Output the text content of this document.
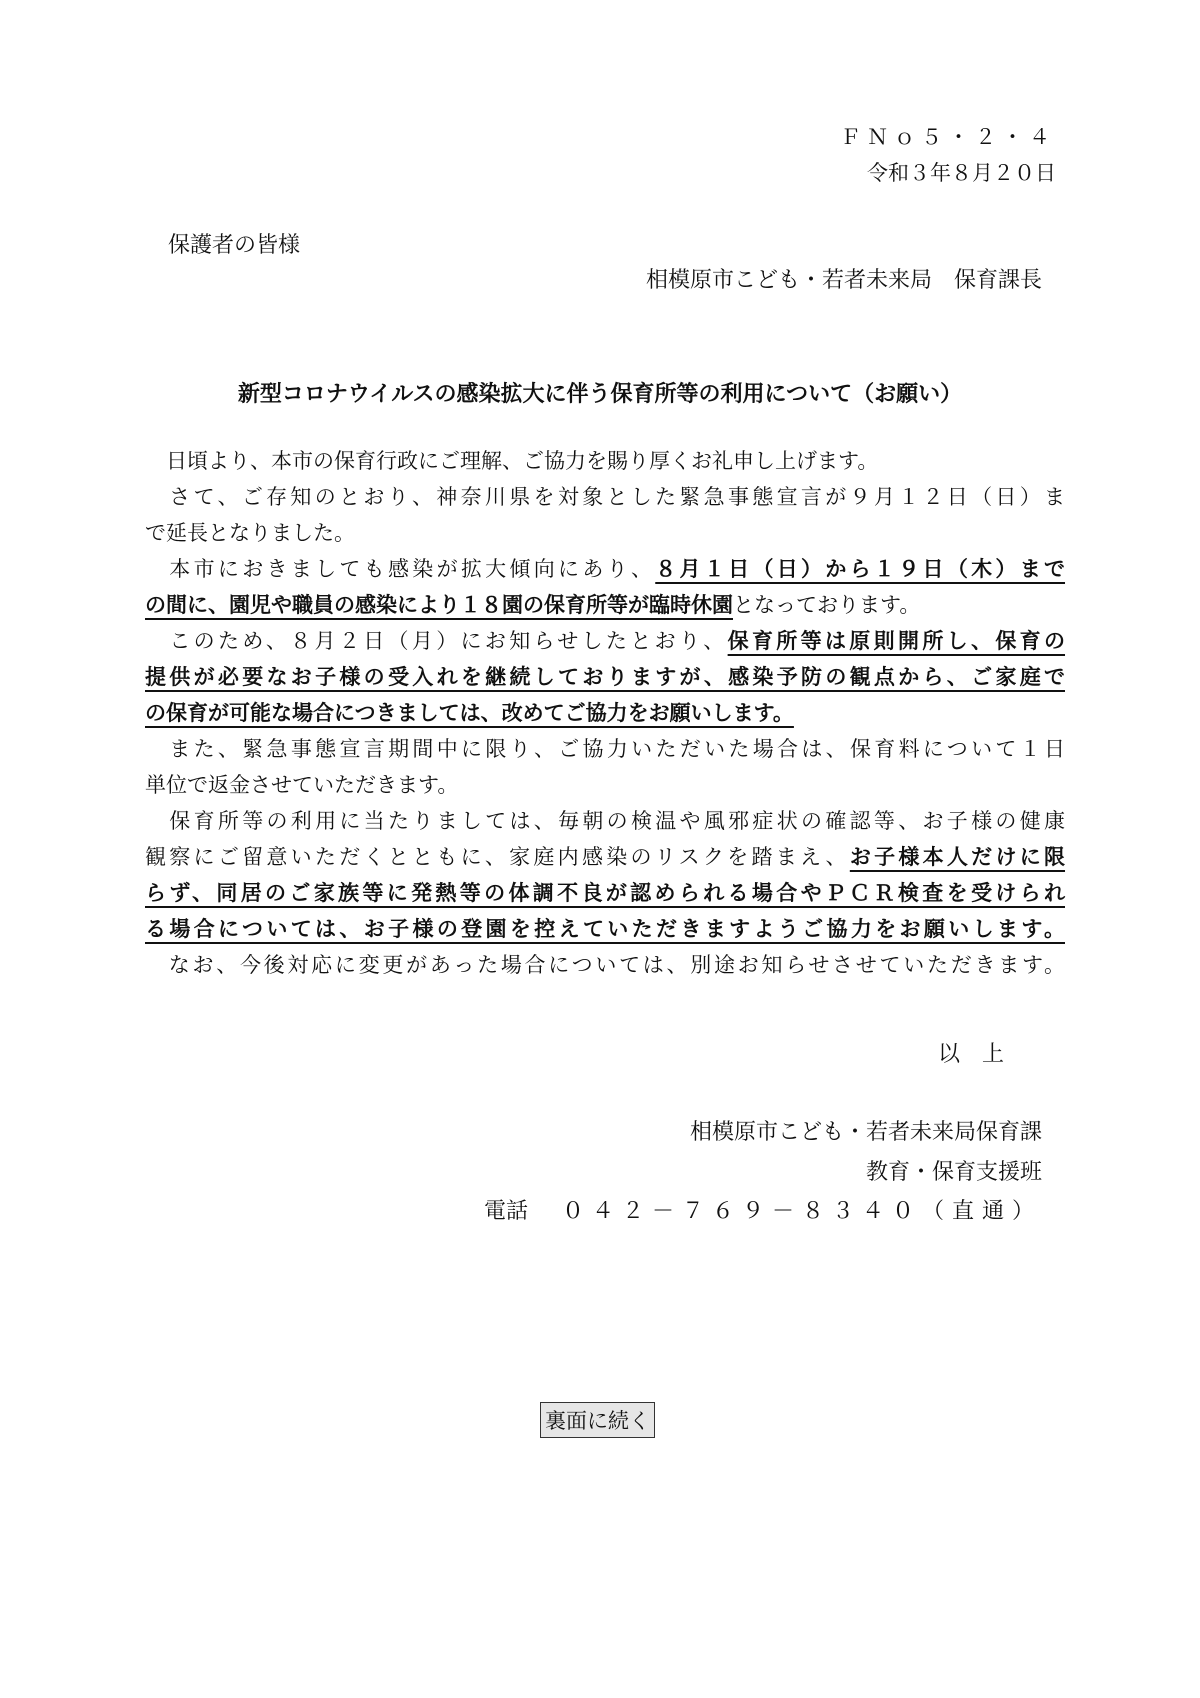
ＦＮｏ５・２・４
令和３年８月２０日
保護者の皆様
相模原市こども・若者未来局　保育課長
新型コロナウイルスの感染拡大に伴う保育所等の利用について（お願い）
　日頃より、本市の保育行政にご理解、ご協力を賜り厚くお礼申し上げます。
　さて、ご存知のとおり、神奈川県を対象とした緊急事態宣言が９月１２日（日）ま
で延長となりました。
　本市におきましても感染が拡大傾向にあり、８月１日（日）から１９日（木）まで
の間に、園児や職員の感染により１８園の保育所等が臨時休園となっております。
　このため、８月２日（月）にお知らせしたとおり、保育所等は原則開所し、保育の
提供が必要なお子様の受入れを継続しておりますが、感染予防の観点から、ご家庭で
の保育が可能な場合につきましては、改めてご協力をお願いします。
　また、緊急事態宣言期間中に限り、ご協力いただいた場合は、保育料について１日
単位で返金させていただきます。
　保育所等の利用に当たりましては、毎朝の検温や風邪症状の確認等、お子様の健康
観察にご留意いただくとともに、家庭内感染のリスクを踏まえ、お子様本人だけに限
らず、同居のご家族等に発熱等の体調不良が認められる場合やＰＣＲ検査を受けられ
る場合については、お子様の登園を控えていただきますようご協力をお願いします。
　なお、今後対応に変更があった場合については、別途お知らせさせていただきます。
以　上
相模原市こども・若者未来局保育課
教育・保育支援班
電話 ０４２－７６９－８３４０（直通）
裏面に続く
